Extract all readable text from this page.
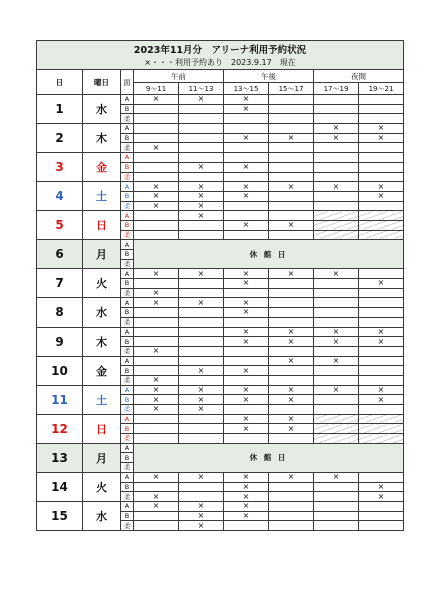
2023年11月分　アリーナ利用予約状況								
×・・・利用予約あり　2023.9.17　現在								
日	曜日	面	午前		午後		夜間	
			9～11	11～13	13～15	15～17	17～19	19～21
1	水	A	×	×	×			
		B			×			
		柔						
2	木	A					×	×
		B			×	×	×	×
		柔	×					
3	金	A						
		B		×	×			
		柔						
4	土	A	×	×	×	×	×	×
		B	×	×	×			×
		柔	×	×				
5	日	A		×				
		B			×	×		
		柔						
6	月	A	休 館 日					
		B						
		柔						
7	火	A	×	×	×	×	×	
		B			×			×
		柔	×					
8	水	A	×	×	×			
		B			×			
		柔						
9	木	A			×	×	×	×
		B			×	×	×	×
		柔	×					
10	金	A				×	×	
		B		×	×			
		柔	×					
11	土	A	×	×	×	×	×	×
		B	×	×	×	×		×
		柔	×	×				
12	日	A			×	×		
		B			×	×		
		柔						
13	月	A	休 館 日					
		B						
		柔						
14	火	A	×	×	×	×	×	
		B			×			×
		柔	×		×			×
15	水	A	×	×	×			
		B		×	×			
		柔		×				
